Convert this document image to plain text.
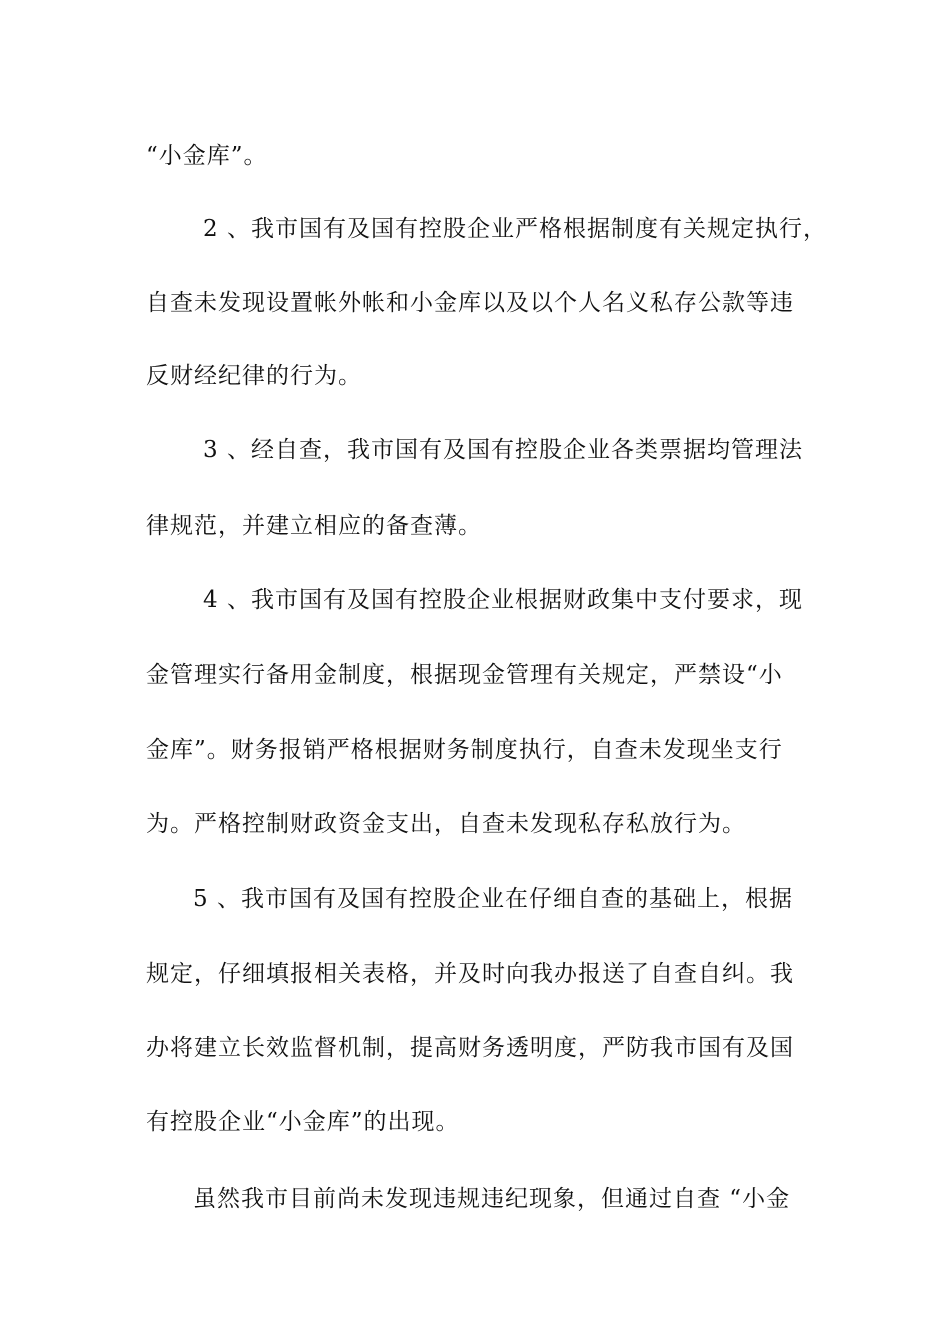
“小金库”。
2 、我市国有及国有控股企业严格根据制度有关规定执行，
自查未发现设置帐外帐和小金库以及以个人名义私存公款等违
反财经纪律的行为。
3 、经自查，我市国有及国有控股企业各类票据均管理法
律规范，并建立相应的备查薄。
4 、我市国有及国有控股企业根据财政集中支付要求，现
金管理实行备用金制度，根据现金管理有关规定，严禁设“小
金库”。财务报销严格根据财务制度执行，自查未发现坐支行
为。严格控制财政资金支出，自查未发现私存私放行为。
5 、我市国有及国有控股企业在仔细自查的基础上，根据
规定，仔细填报相关表格，并及时向我办报送了自查自纠。我
办将建立长效监督机制，提高财务透明度，严防我市国有及国
有控股企业“小金库”的出现。
虽然我市目前尚未发现违规违纪现象，但通过自查 “小金
